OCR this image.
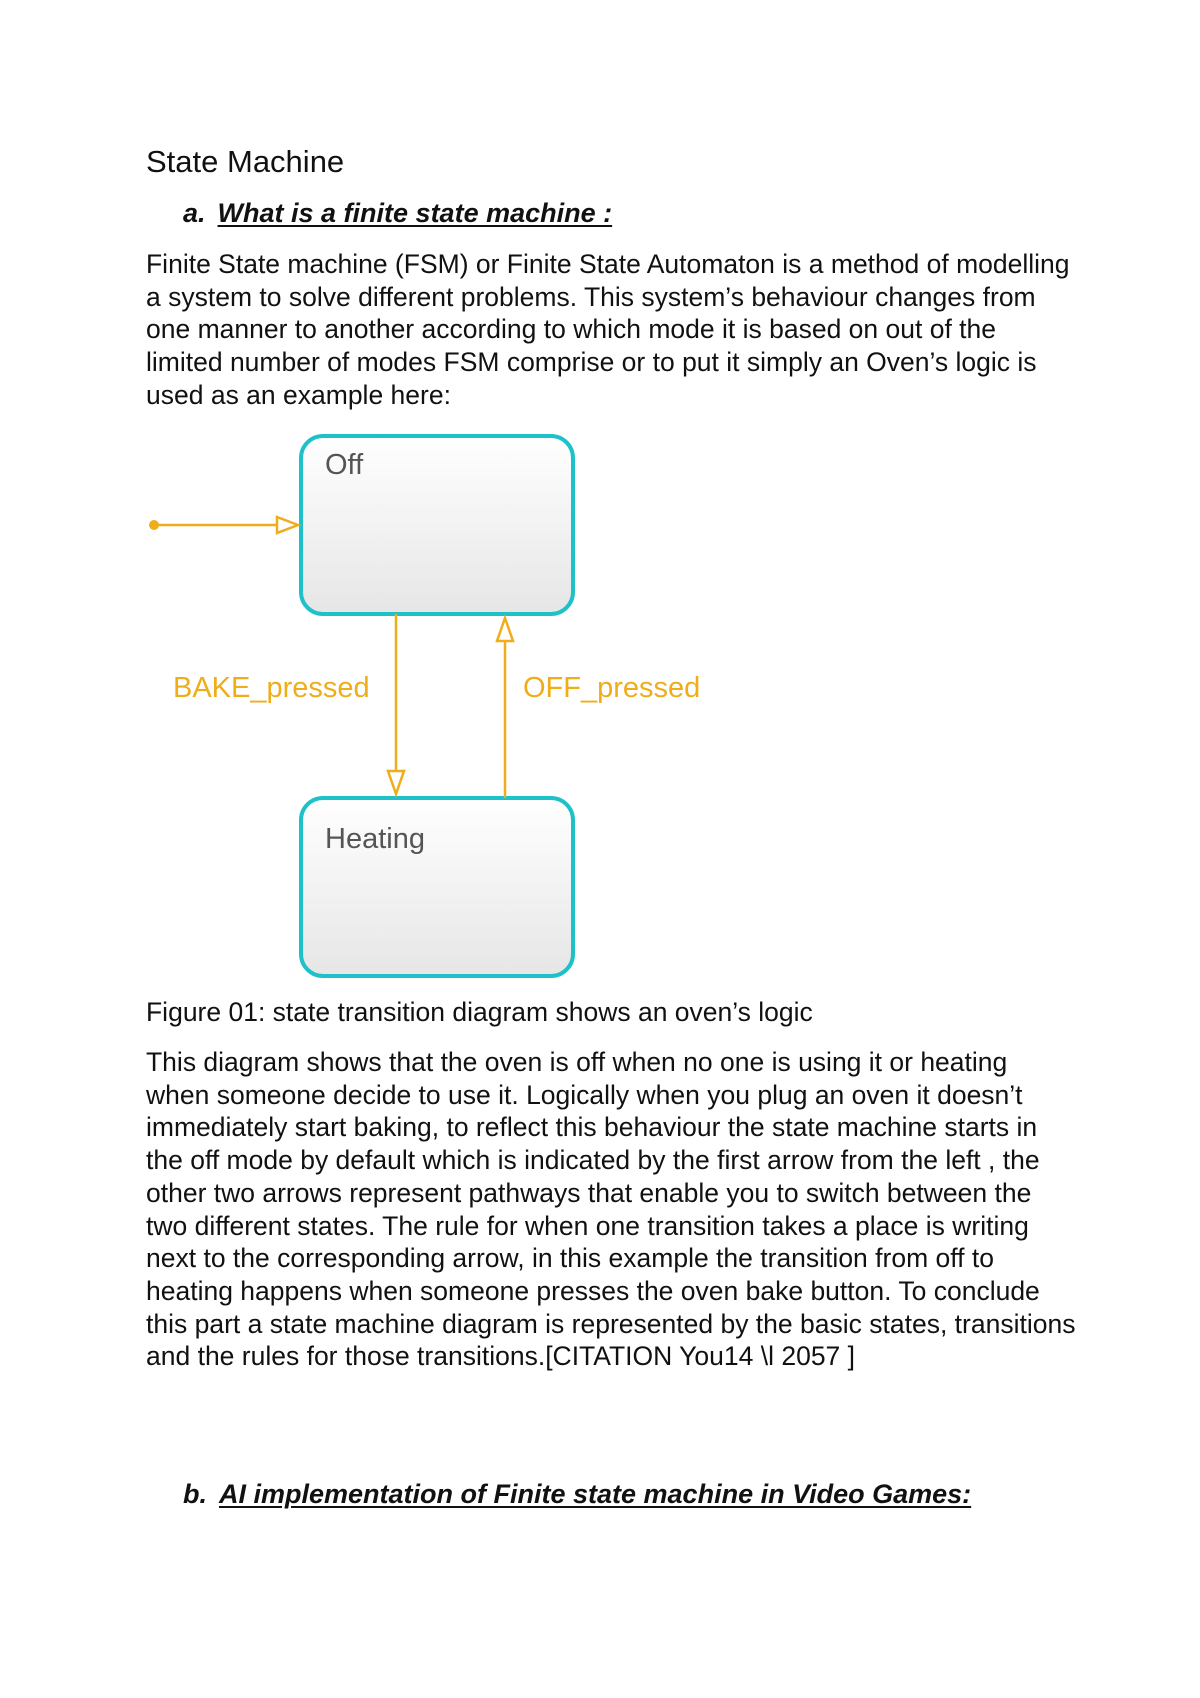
State Machine
a. What is a finite state machine :
Finite State machine (FSM) or Finite State Automaton is a method of modelling a system to solve different problems. This system’s behaviour changes from one manner to another according to which mode it is based on out of the limited number of modes FSM comprise or to put it simply an Oven’s logic is used as an example here:
Off
Heating
BAKE_pressed	OFF_pressed
Figure 01: state transition diagram shows an oven’s logic
This diagram shows that the oven is off when no one is using it or heating when someone decide to use it. Logically when you plug an oven it doesn’t immediately start baking, to reflect this behaviour the state machine starts in the off mode by default which is indicated by the first arrow from the left , the other two arrows represent pathways that enable you to switch between the two different states. The rule for when one transition takes a place is writing next to the corresponding arrow, in this example the transition from off to heating happens when someone presses the oven bake button. To conclude this part a state machine diagram is represented by the basic states, transitions and the rules for those transitions.[CITATION You14 \l 2057 ]
b. AI implementation of Finite state machine in Video Games:
